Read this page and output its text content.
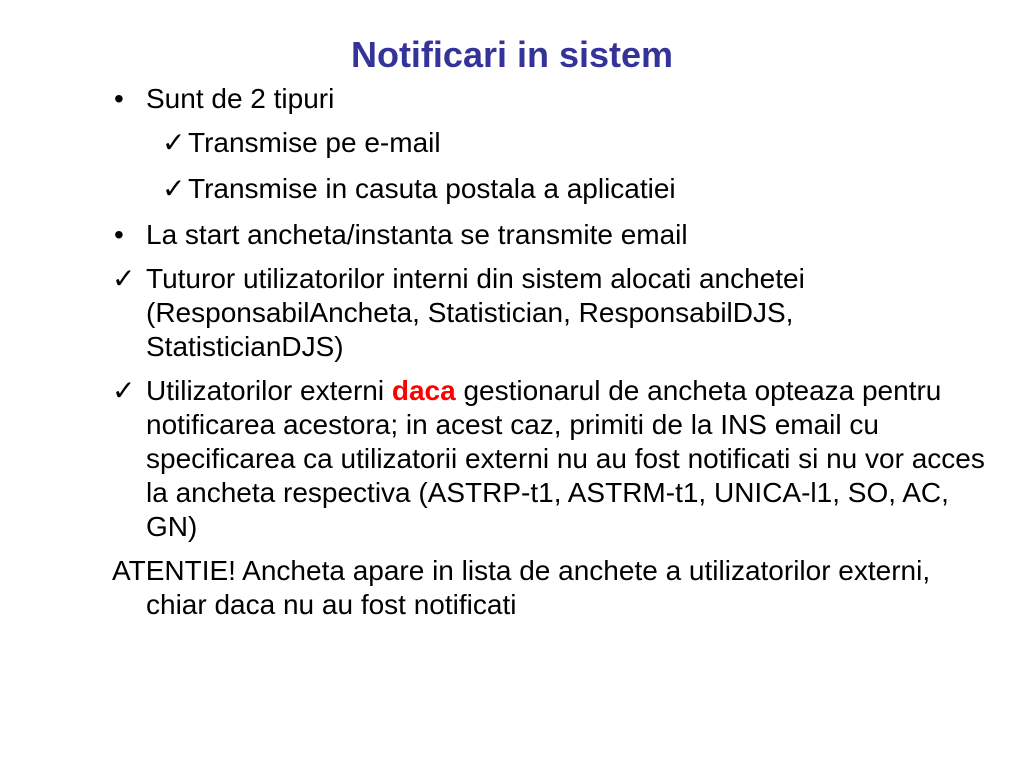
Notificari in sistem
• Sunt de 2 tipuri
✓ Transmise pe e-mail
✓ Transmise in casuta postala a aplicatiei
• La start ancheta/instanta se transmite email
✓ Tuturor utilizatorilor interni din sistem alocati anchetei (ResponsabilAncheta, Statistician, ResponsabilDJS, StatisticianDJS)
✓ Utilizatorilor externi daca gestionarul de ancheta opteaza pentru notificarea acestora; in acest caz, primiti de la INS email cu specificarea ca utilizatorii externi nu au fost notificati si nu vor acces la ancheta respectiva (ASTRP-t1, ASTRM-t1, UNICA-l1, SO, AC, GN)
ATENTIE! Ancheta apare in lista de anchete a utilizatorilor externi, chiar daca nu au fost notificati
